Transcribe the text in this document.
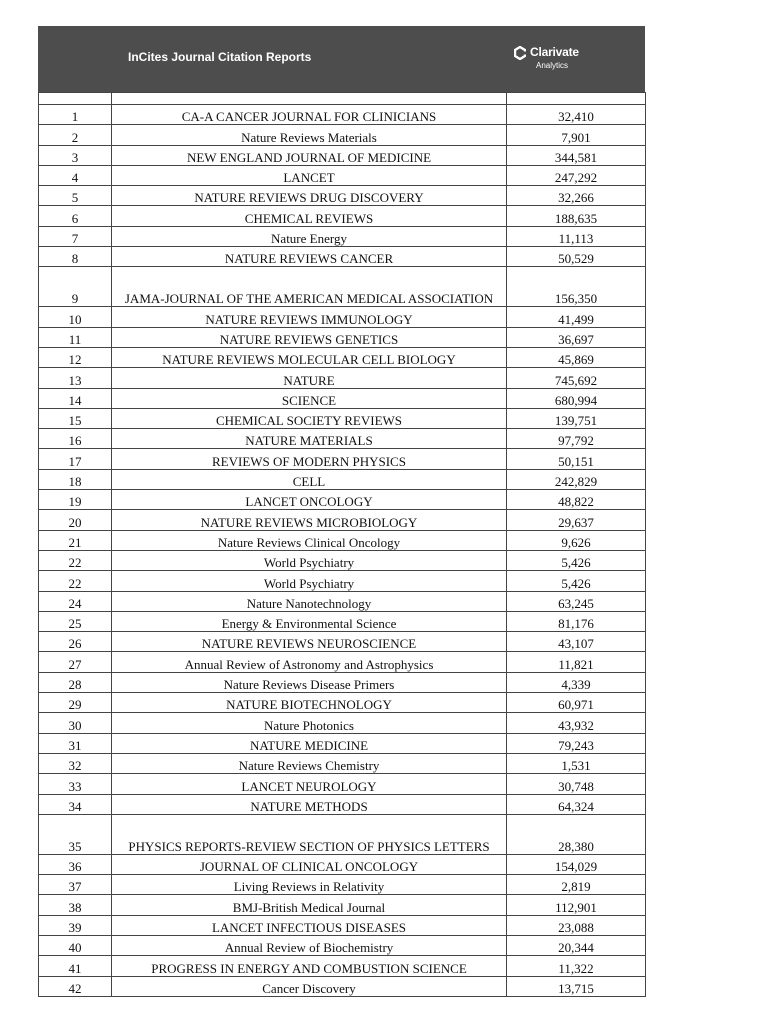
InCites Journal Citation Reports	Clarivate
Analytics

1	CA-A CANCER JOURNAL FOR CLINICIANS	32,410
2	Nature Reviews Materials	7,901
3	NEW ENGLAND JOURNAL OF MEDICINE	344,581
4	LANCET	247,292
5	NATURE REVIEWS DRUG DISCOVERY	32,266
6	CHEMICAL REVIEWS	188,635
7	Nature Energy	11,113
8	NATURE REVIEWS CANCER	50,529
9	JAMA-JOURNAL OF THE AMERICAN MEDICAL ASSOCIATION	156,350
10	NATURE REVIEWS IMMUNOLOGY	41,499
11	NATURE REVIEWS GENETICS	36,697
12	NATURE REVIEWS MOLECULAR CELL BIOLOGY	45,869
13	NATURE	745,692
14	SCIENCE	680,994
15	CHEMICAL SOCIETY REVIEWS	139,751
16	NATURE MATERIALS	97,792
17	REVIEWS OF MODERN PHYSICS	50,151
18	CELL	242,829
19	LANCET ONCOLOGY	48,822
20	NATURE REVIEWS MICROBIOLOGY	29,637
21	Nature Reviews Clinical Oncology	9,626
22	World Psychiatry	5,426
22	World Psychiatry	5,426
24	Nature Nanotechnology	63,245
25	Energy & Environmental Science	81,176
26	NATURE REVIEWS NEUROSCIENCE	43,107
27	Annual Review of Astronomy and Astrophysics	11,821
28	Nature Reviews Disease Primers	4,339
29	NATURE BIOTECHNOLOGY	60,971
30	Nature Photonics	43,932
31	NATURE MEDICINE	79,243
32	Nature Reviews Chemistry	1,531
33	LANCET NEUROLOGY	30,748
34	NATURE METHODS	64,324
35	PHYSICS REPORTS-REVIEW SECTION OF PHYSICS LETTERS	28,380
36	JOURNAL OF CLINICAL ONCOLOGY	154,029
37	Living Reviews in Relativity	2,819
38	BMJ-British Medical Journal	112,901
39	LANCET INFECTIOUS DISEASES	23,088
40	Annual Review of Biochemistry	20,344
41	PROGRESS IN ENERGY AND COMBUSTION SCIENCE	11,322
42	Cancer Discovery	13,715
